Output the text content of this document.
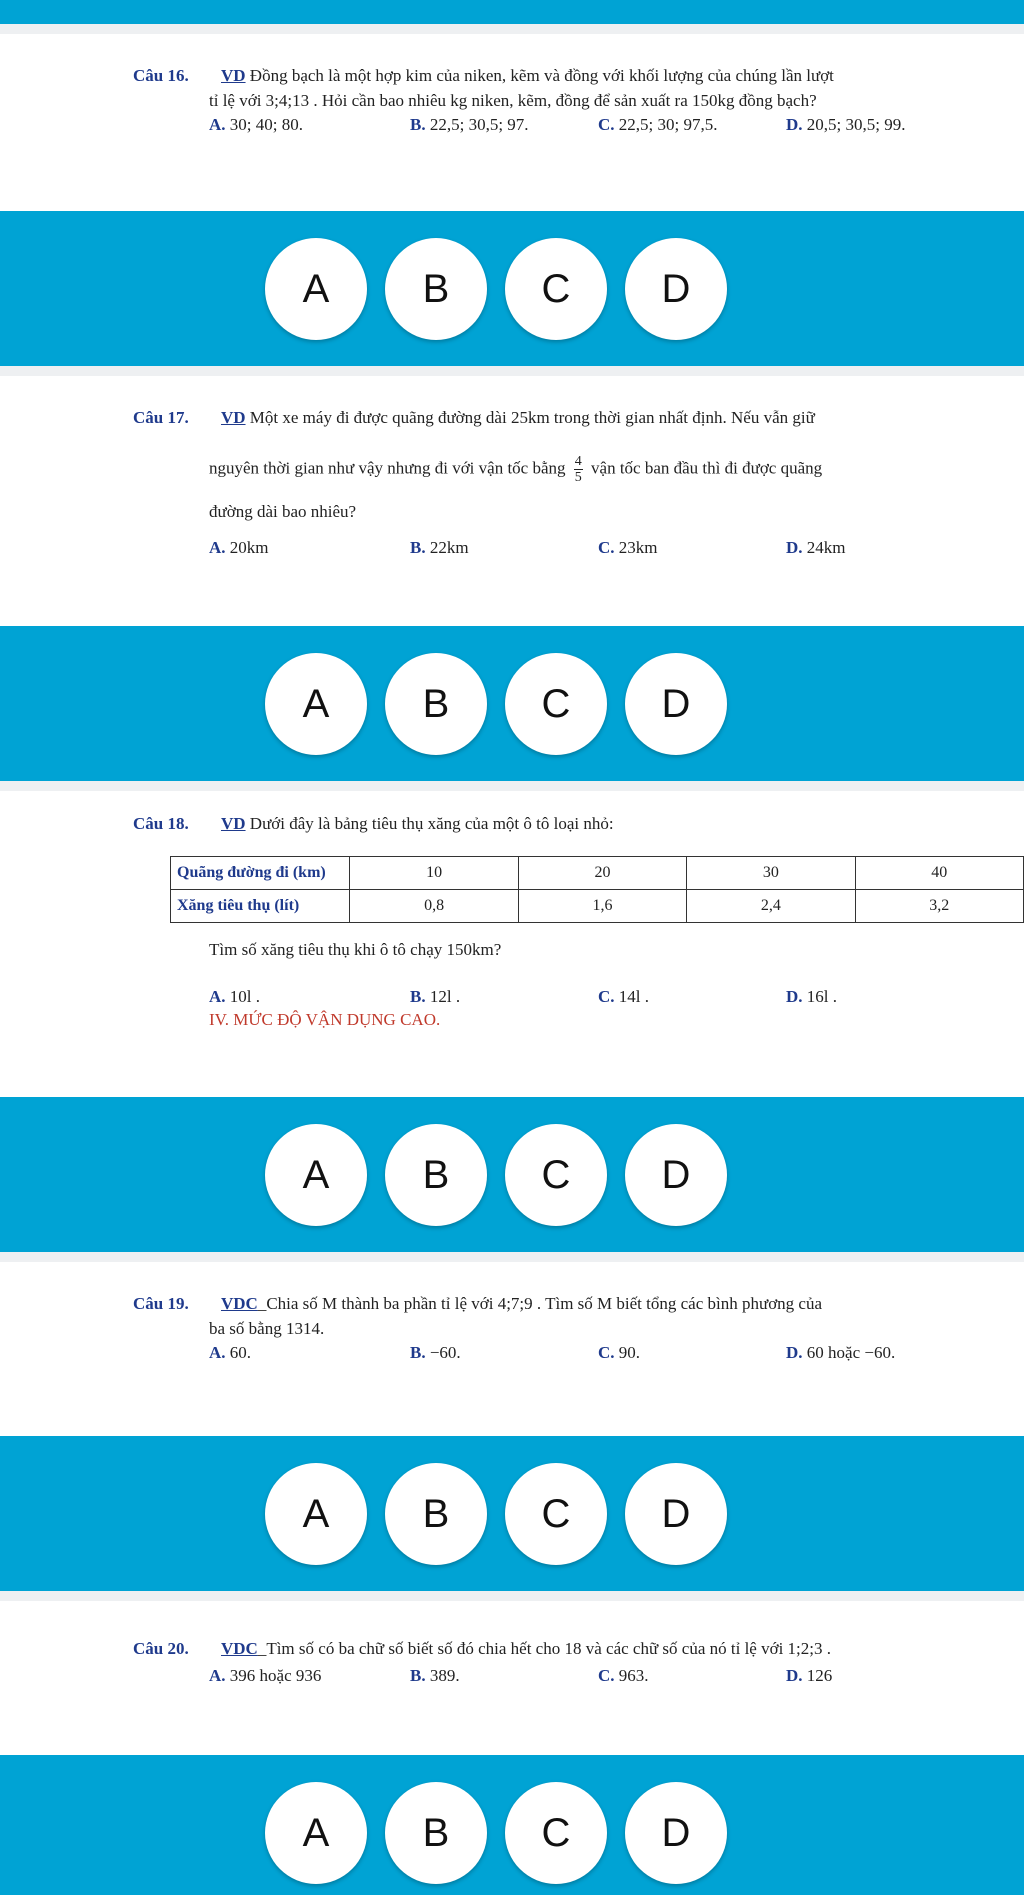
Câu 16. VD Đồng bạch là một hợp kim của niken, kẽm và đồng với khối lượng của chúng lần lượt
tỉ lệ với 3;4;13 . Hỏi cần bao nhiêu kg niken, kẽm, đồng để sản xuất ra 150kg đồng bạch?
A. 30; 40; 80.	B. 22,5; 30,5; 97.	C. 22,5; 30; 97,5.	D. 20,5; 30,5; 99.
A	B	C	D
Câu 17. VD Một xe máy đi được quãng đường dài 25km trong thời gian nhất định. Nếu vẫn giữ
nguyên thời gian như vậy nhưng đi với vận tốc bằng $\frac{4}{5}$ vận tốc ban đầu thì đi được quãng
đường dài bao nhiêu?
A. 20km	B. 22km	C. 23km	D. 24km
A	B	C	D
Câu 18. VD Dưới đây là bảng tiêu thụ xăng của một ô tô loại nhỏ:
Quãng đường đi (km)	10	20	30	40
Xăng tiêu thụ (lít)	0,8	1,6	2,4	3,2
Tìm số xăng tiêu thụ khi ô tô chạy 150km?
A. 10l .	B. 12l .	C. 14l .	D. 16l .
IV. MỨC ĐỘ VẬN DỤNG CAO.
A	B	C	D
Câu 19. VDC_Chia số M thành ba phần tỉ lệ với 4;7;9 . Tìm số M biết tổng các bình phương của
ba số bằng 1314.
A. 60.	B. −60.	C. 90.	D. 60 hoặc −60.
A	B	C	D
Câu 20. VDC_Tìm số có ba chữ số biết số đó chia hết cho 18 và các chữ số của nó tỉ lệ với 1;2;3 .
A. 396 hoặc 936	B. 389.	C. 963.	D. 126
A	B	C	D
